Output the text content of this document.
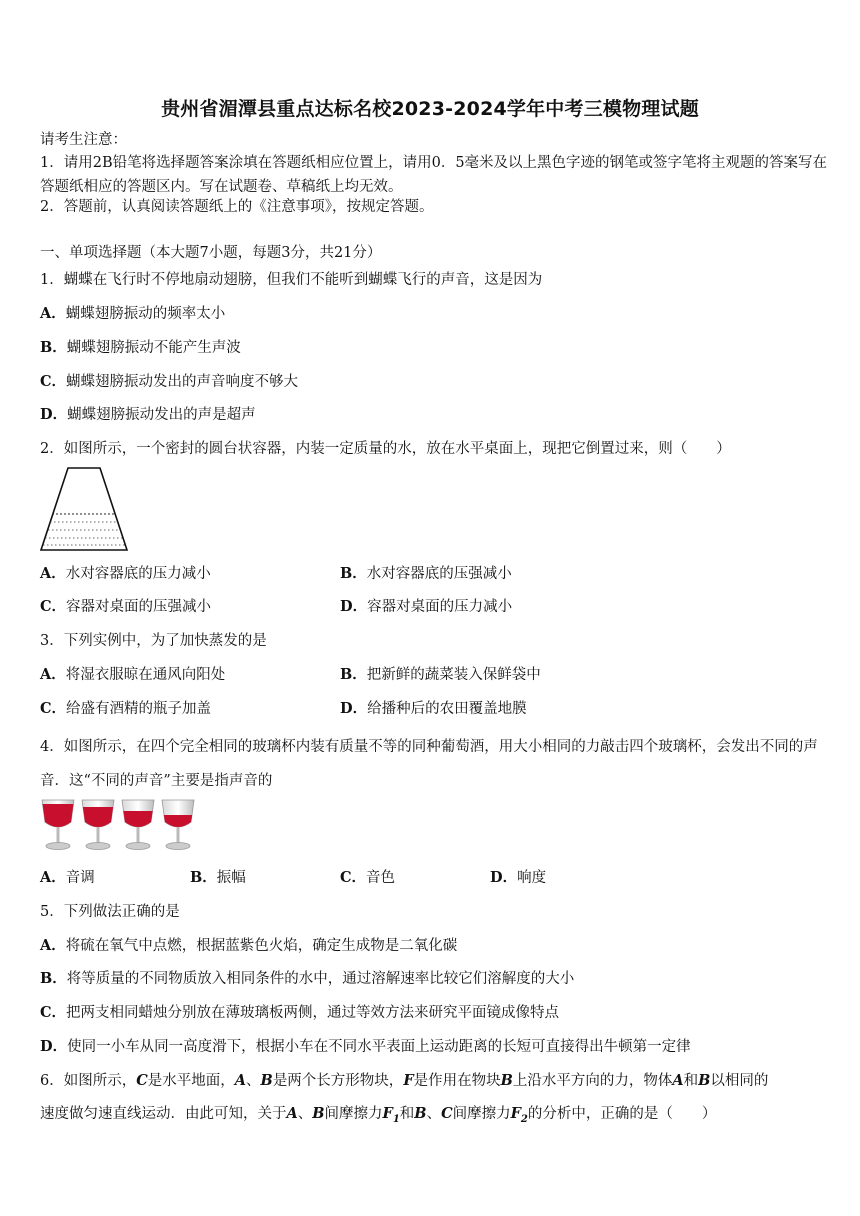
贵州省湄潭县重点达标名校2023-2024学年中考三模物理试题
请考生注意：
1．请用2B铅笔将选择题答案涂填在答题纸相应位置上，请用0．5毫米及以上黑色字迹的钢笔或签字笔将主观题的答案写在答题纸相应的答题区内。写在试题卷、草稿纸上均无效。
2．答题前，认真阅读答题纸上的《注意事项》，按规定答题。
一、单项选择题（本大题7小题，每题3分，共21分）
1．蝴蝶在飞行时不停地扇动翅膀，但我们不能听到蝴蝶飞行的声音，这是因为
A．蝴蝶翅膀振动的频率太小
B．蝴蝶翅膀振动不能产生声波
C．蝴蝶翅膀振动发出的声音响度不够大
D．蝴蝶翅膀振动发出的声是超声
2．如图所示，一个密封的圆台状容器，内装一定质量的水，放在水平桌面上，现把它倒置过来，则（　　）
A．水对容器底的压力减小	B．水对容器底的压强减小
C．容器对桌面的压强减小	D．容器对桌面的压力减小
3．下列实例中，为了加快蒸发的是
A．将湿衣服晾在通风向阳处	B．把新鲜的蔬菜装入保鲜袋中
C．给盛有酒精的瓶子加盖	D．给播种后的农田覆盖地膜
4．如图所示，在四个完全相同的玻璃杯内装有质量不等的同种葡萄酒，用大小相同的力敲击四个玻璃杯，会发出不同的声音．这“不同的声音”主要是指声音的
A．音调	B．振幅	C．音色	D．响度
5．下列做法正确的是
A．将硫在氧气中点燃，根据蓝紫色火焰，确定生成物是二氧化碳
B．将等质量的不同物质放入相同条件的水中，通过溶解速率比较它们溶解度的大小
C．把两支相同蜡烛分别放在薄玻璃板两侧，通过等效方法来研究平面镜成像特点
D．使同一小车从同一高度滑下，根据小车在不同水平表面上运动距离的长短可直接得出牛顿第一定律
6．如图所示，C是水平地面，A、B是两个长方形物块，F是作用在物块B上沿水平方向的力，物体A和B以相同的
速度做匀速直线运动．由此可知，关于A、B间摩擦力$F_1$和B、C间摩擦力$F_2$的分析中，正确的是（　　）
